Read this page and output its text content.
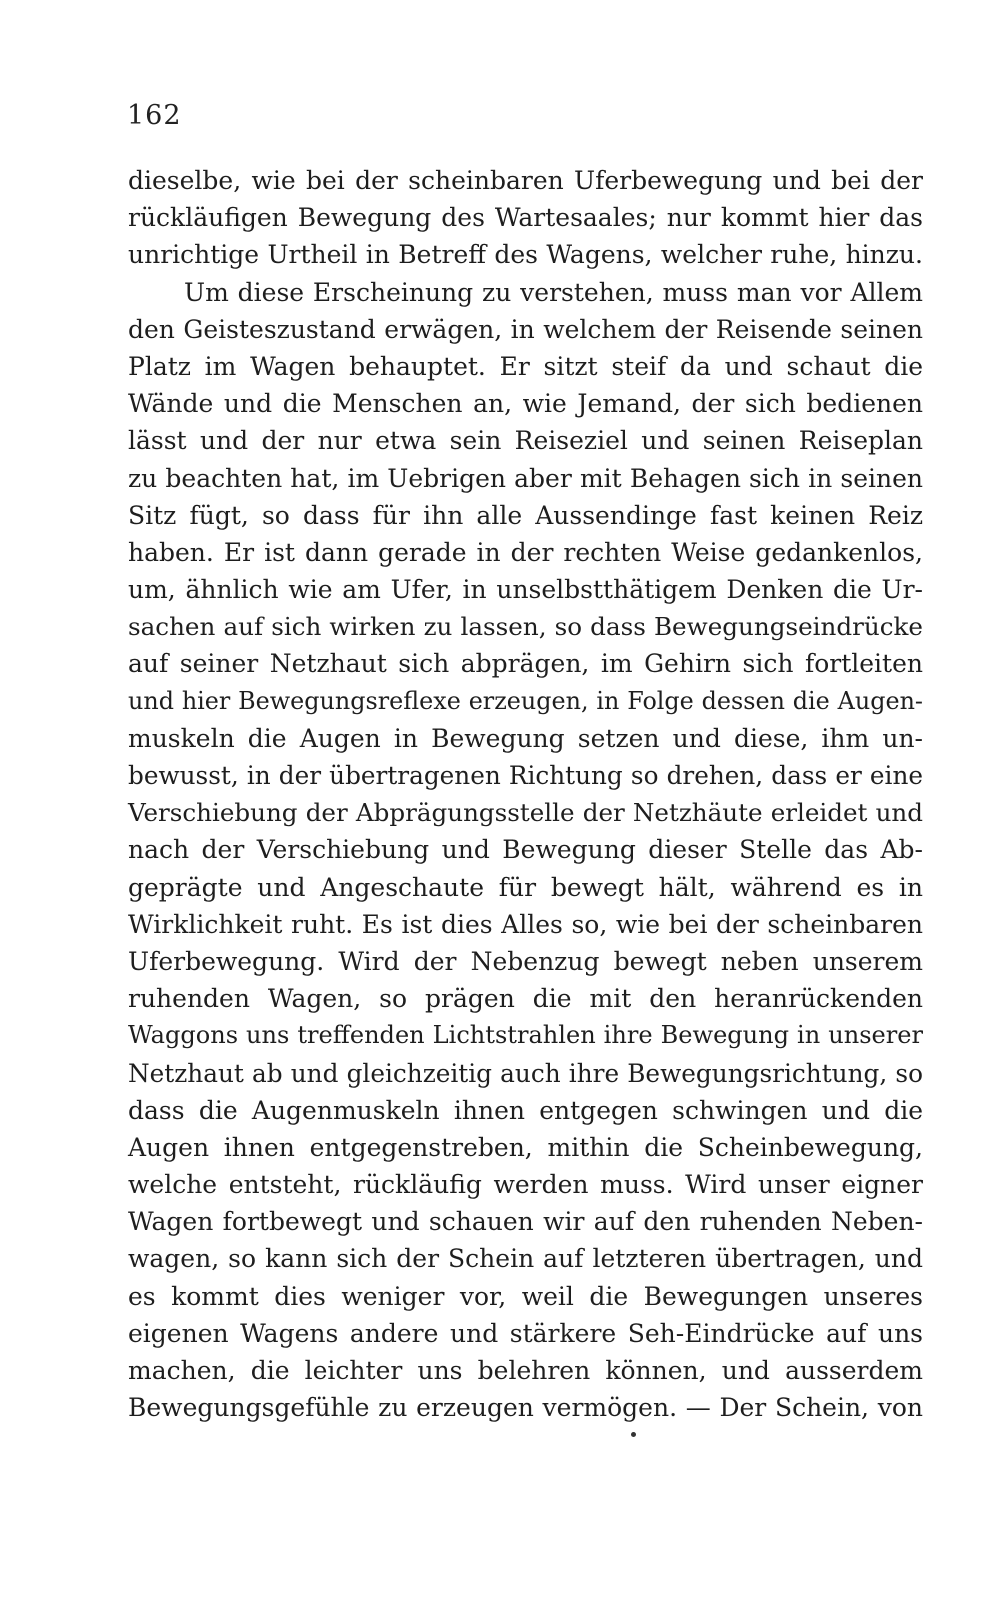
162
dieselbe, wie bei der scheinbaren Uferbewegung und bei der
rückläufigen Bewegung des Wartesaales; nur kommt hier das
unrichtige Urtheil in Betreff des Wagens, welcher ruhe, hinzu.
Um diese Erscheinung zu verstehen, muss man vor Allem
den Geisteszustand erwägen, in welchem der Reisende seinen
Platz im Wagen behauptet. Er sitzt steif da und schaut die
Wände und die Menschen an, wie Jemand, der sich bedienen
lässt und der nur etwa sein Reiseziel und seinen Reiseplan
zu beachten hat, im Uebrigen aber mit Behagen sich in seinen
Sitz fügt, so dass für ihn alle Aussendinge fast keinen Reiz
haben. Er ist dann gerade in der rechten Weise gedankenlos,
um, ähnlich wie am Ufer, in unselbstthätigem Denken die Ur-
sachen auf sich wirken zu lassen, so dass Bewegungseindrücke
auf seiner Netzhaut sich abprägen, im Gehirn sich fortleiten
und hier Bewegungsreflexe erzeugen, in Folge dessen die Augen-
muskeln die Augen in Bewegung setzen und diese, ihm un-
bewusst, in der übertragenen Richtung so drehen, dass er eine
Verschiebung der Abprägungsstelle der Netzhäute erleidet und
nach der Verschiebung und Bewegung dieser Stelle das Ab-
geprägte und Angeschaute für bewegt hält, während es in
Wirklichkeit ruht. Es ist dies Alles so, wie bei der scheinbaren
Uferbewegung. Wird der Nebenzug bewegt neben unserem
ruhenden Wagen, so prägen die mit den heranrückenden
Waggons uns treffenden Lichtstrahlen ihre Bewegung in unserer
Netzhaut ab und gleichzeitig auch ihre Bewegungsrichtung, so
dass die Augenmuskeln ihnen entgegen schwingen und die
Augen ihnen entgegenstreben, mithin die Scheinbewegung,
welche entsteht, rückläufig werden muss. Wird unser eigner
Wagen fortbewegt und schauen wir auf den ruhenden Neben-
wagen, so kann sich der Schein auf letzteren übertragen, und
es kommt dies weniger vor, weil die Bewegungen unseres
eigenen Wagens andere und stärkere Seh-Eindrücke auf uns
machen, die leichter uns belehren können, und ausserdem
Bewegungsgefühle zu erzeugen vermögen. — Der Schein, von
